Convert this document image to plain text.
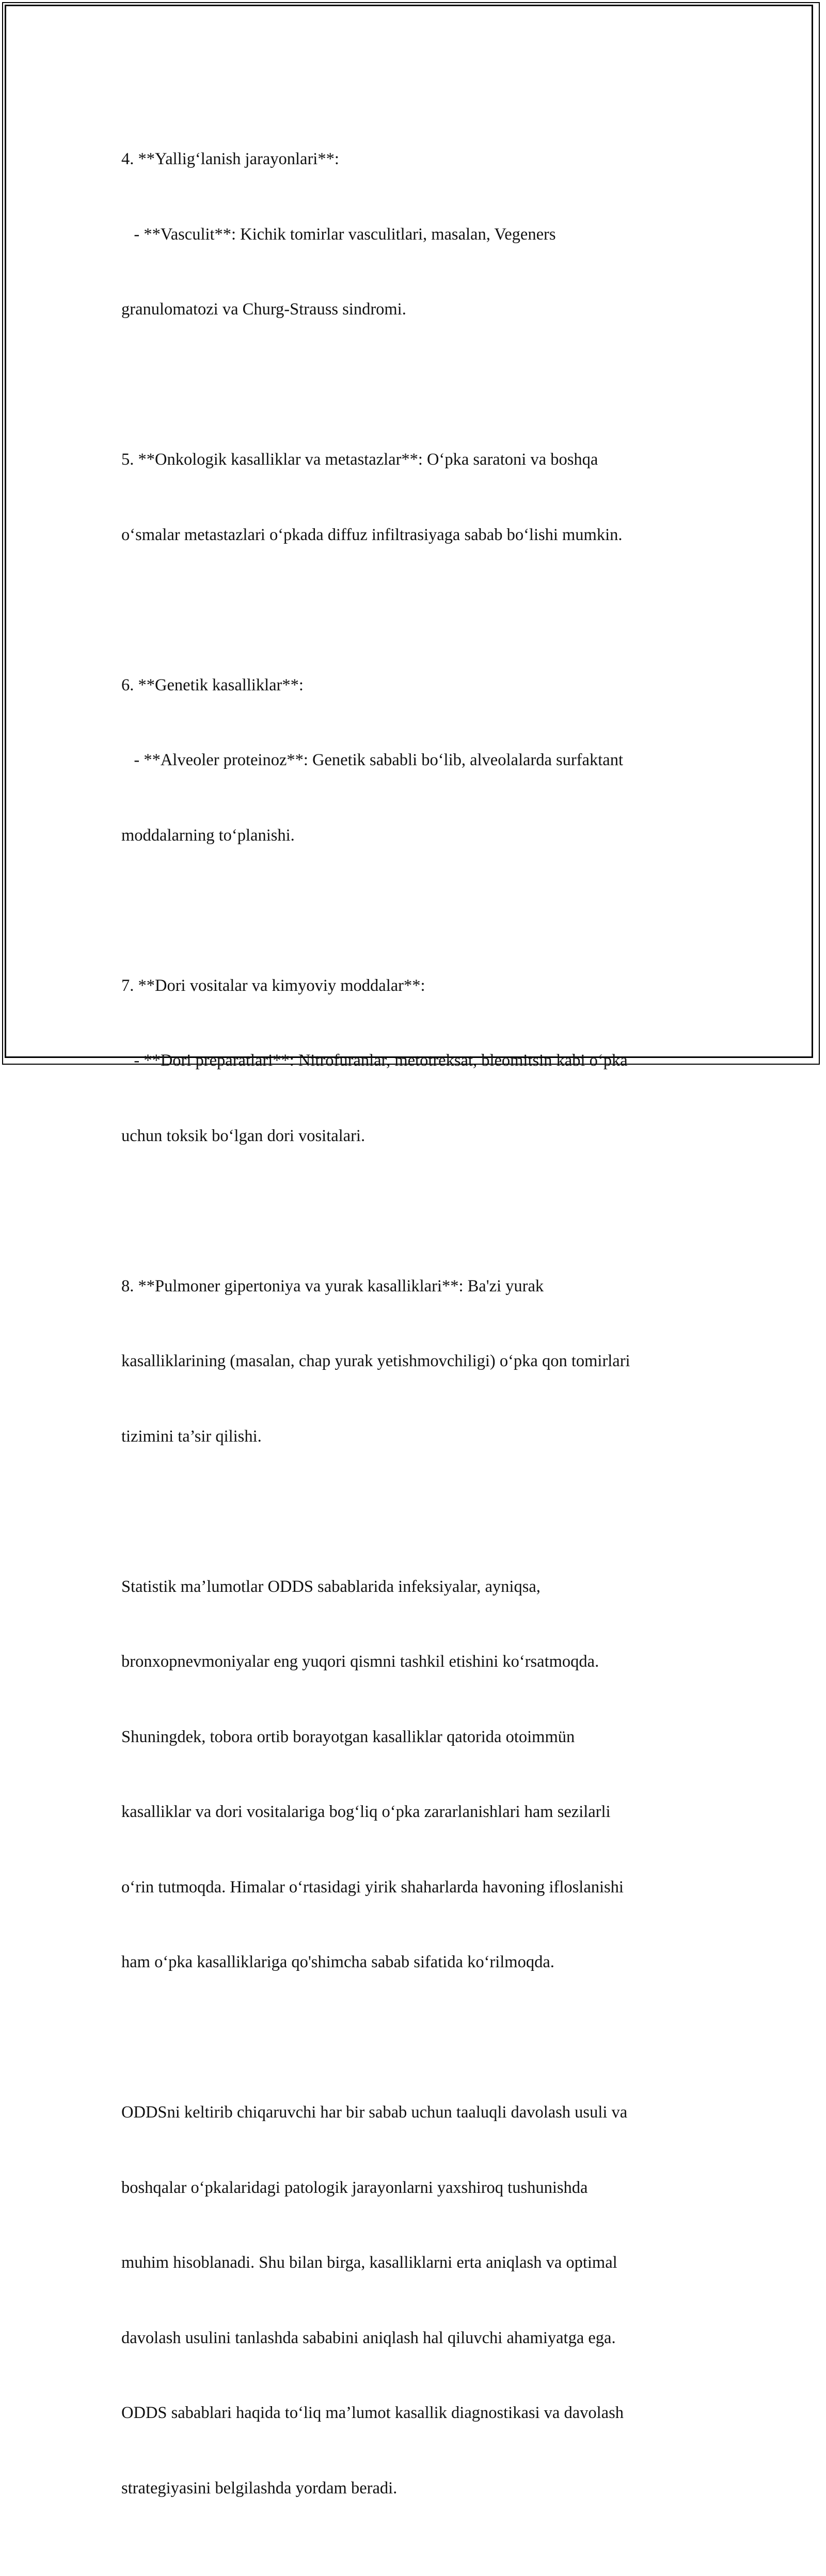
4. **Yallig‘lanish jarayonlari**:

- **Vasculit**: Kichik tomirlar vasculitlari, masalan, Vegeners

granulomatozi va Churg-Strauss sindromi.

5. **Onkologik kasalliklar va metastazlar**: O‘pka saratoni va boshqa

o‘smalar metastazlari o‘pkada diffuz infiltrasiyaga sabab bo‘lishi mumkin.

6. **Genetik kasalliklar**:

- **Alveoler proteinoz**: Genetik sababli bo‘lib, alveolalarda surfaktant

moddalarning to‘planishi.

7. **Dori vositalar va kimyoviy moddalar**:

- **Dori preparatlari**: Nitrofuranlar, metotreksat, bleomitsin kabi o‘pka

uchun toksik bo‘lgan dori vositalari.

8. **Pulmoner gipertoniya va yurak kasalliklari**: Ba'zi yurak

kasalliklarining (masalan, chap yurak yetishmovchiligi) o‘pka qon tomirlari

tizimini ta’sir qilishi.

Statistik ma’lumotlar ODDS sabablarida infeksiyalar, ayniqsa,

bronxopnevmoniyalar eng yuqori qismni tashkil etishini ko‘rsatmoqda.

Shuningdek, tobora ortib borayotgan kasalliklar qatorida otoimmün

kasalliklar va dori vositalariga bog‘liq o‘pka zararlanishlari ham sezilarli

o‘rin tutmoqda. Himalar o‘rtasidagi yirik shaharlarda havoning ifloslanishi

ham o‘pka kasalliklariga qo'shimcha sabab sifatida ko‘rilmoqda.

ODDSni keltirib chiqaruvchi har bir sabab uchun taaluqli davolash usuli va

boshqalar o‘pkalaridagi patologik jarayonlarni yaxshiroq tushunishda

muhim hisoblanadi. Shu bilan birga, kasalliklarni erta aniqlash va optimal

davolash usulini tanlashda sababini aniqlash hal qiluvchi ahamiyatga ega.

ODDS sabablari haqida to‘liq ma’lumot kasallik diagnostikasi va davolash

strategiyasini belgilashda yordam beradi.
